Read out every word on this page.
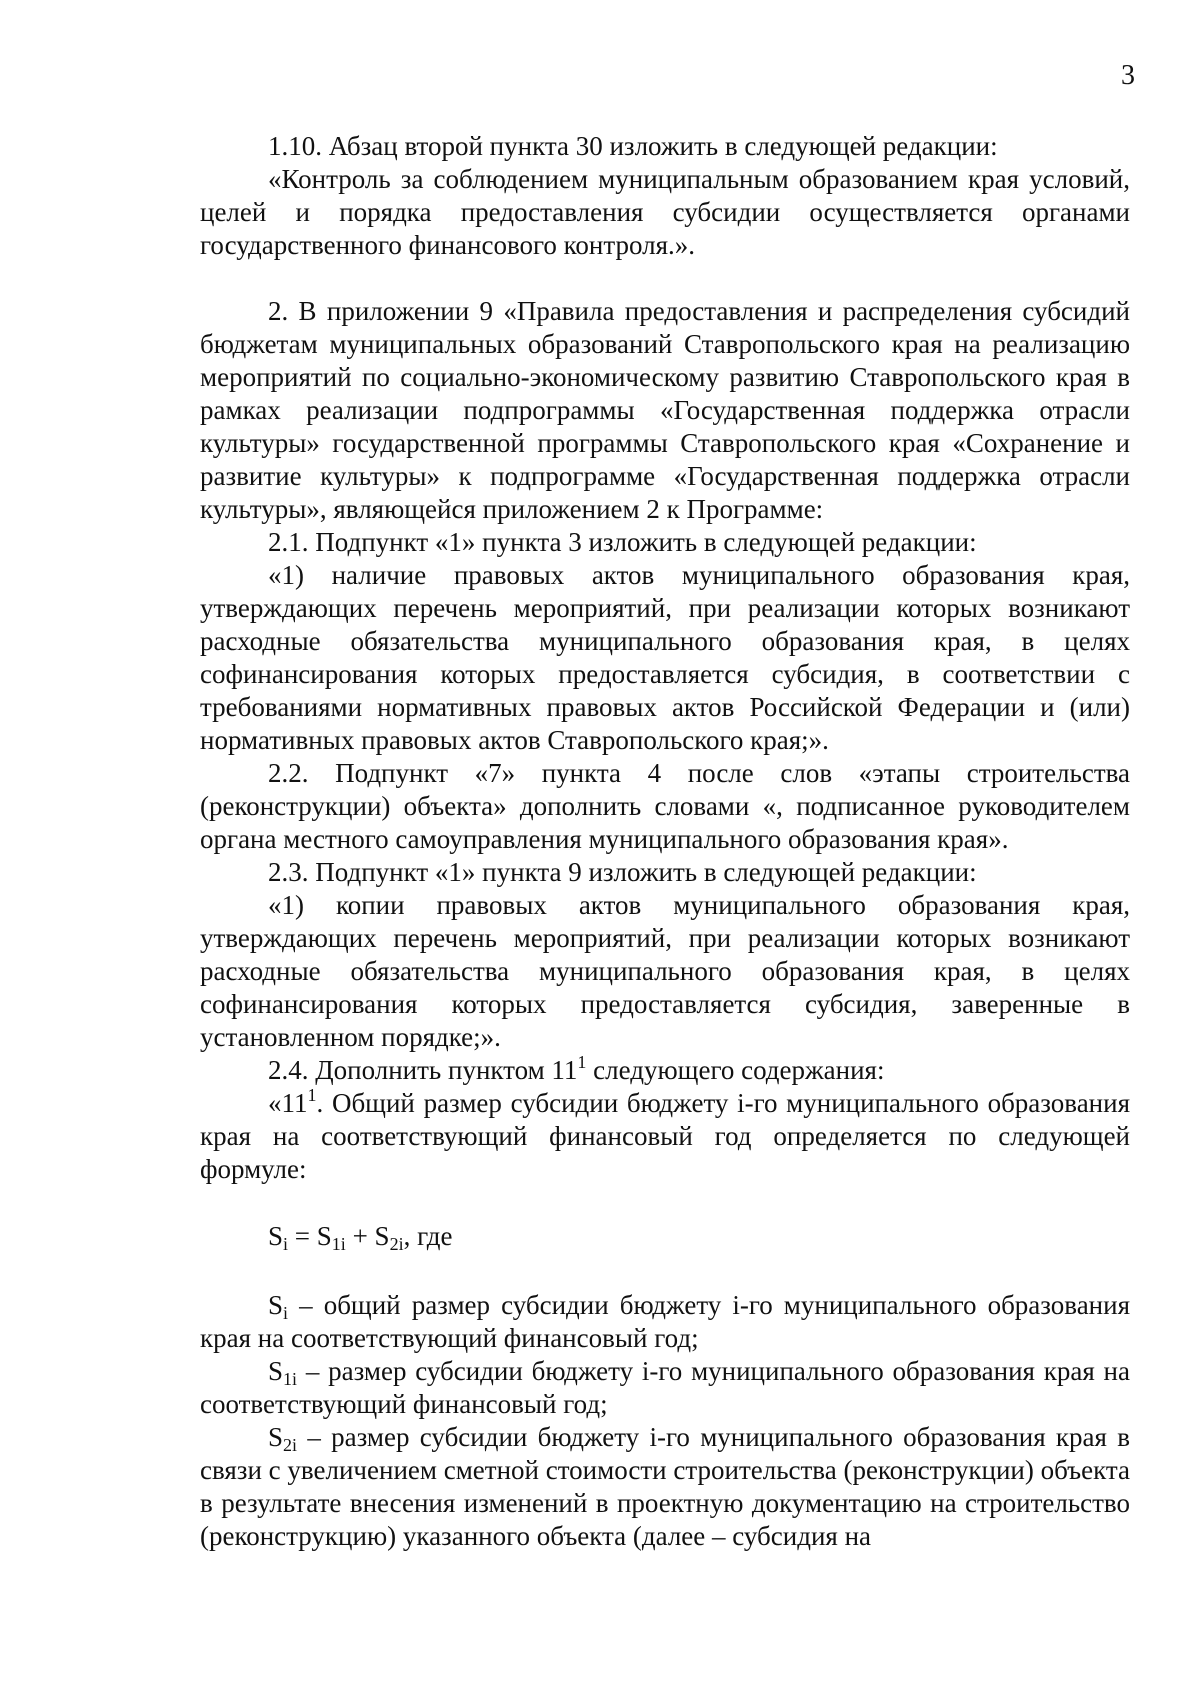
3

1.10. Абзац второй пункта 30 изложить в следующей редакции:

«Контроль за соблюдением муниципальным образованием края условий, целей и порядка предоставления субсидии осуществляется органами государственного финансового контроля.».

2. В приложении 9 «Правила предоставления и распределения субсидий бюджетам муниципальных образований Ставропольского края на реализацию мероприятий по социально-экономическому развитию Ставропольского края в рамках реализации подпрограммы «Государственная поддержка отрасли культуры» государственной программы Ставропольского края «Сохранение и развитие культуры» к подпрограмме «Государственная поддержка отрасли культуры», являющейся приложением 2 к Программе:

2.1. Подпункт «1» пункта 3 изложить в следующей редакции:

«1) наличие правовых актов муниципального образования края, утверждающих перечень мероприятий, при реализации которых возникают расходные обязательства муниципального образования края, в целях софинансирования которых предоставляется субсидия, в соответствии с требованиями нормативных правовых актов Российской Федерации и (или) нормативных правовых актов Ставропольского края;».

2.2. Подпункт «7» пункта 4 после слов «этапы строительства (реконструкции) объекта» дополнить словами «, подписанное руководителем органа местного самоуправления муниципального образования края».

2.3. Подпункт «1» пункта 9 изложить в следующей редакции:

«1) копии правовых актов муниципального образования края, утверждающих перечень мероприятий, при реализации которых возникают расходные обязательства муниципального образования края, в целях софинансирования которых предоставляется субсидия, заверенные в установленном порядке;».

2.4. Дополнить пунктом $11^1$ следующего содержания:

«$11^1$. Общий размер субсидии бюджету i-го муниципального образования края на соответствующий финансовый год определяется по следующей формуле:

$S_i = S_{1i} + S_{2i}$, где

$S_i$ – общий размер субсидии бюджету i-го муниципального образования края на соответствующий финансовый год;

$S_{1i}$ – размер субсидии бюджету i-го муниципального образования края на соответствующий финансовый год;

$S_{2i}$ – размер субсидии бюджету i-го муниципального образования края в связи с увеличением сметной стоимости строительства (реконструкции) объекта в результате внесения изменений в проектную документацию на строительство (реконструкцию) указанного объекта (далее – субсидия на
